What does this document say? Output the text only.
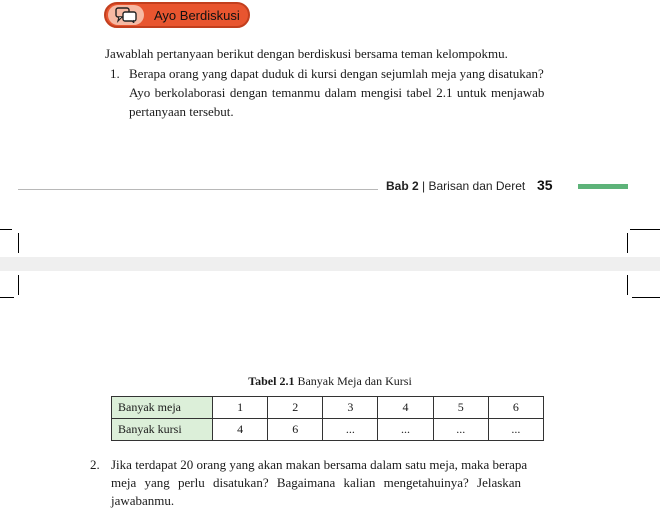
Ayo Berdiskusi
Jawablah pertanyaan berikut dengan berdiskusi bersama teman kelompokmu.
1. Berapa orang yang dapat duduk di kursi dengan sejumlah meja yang disatukan?
Ayo berkolaborasi dengan temanmu dalam mengisi tabel 2.1 untuk menjawab
pertanyaan tersebut.
Bab 2 | Barisan dan Deret 35
Tabel 2.1 Banyak Meja dan Kursi
Banyak meja	1	2	3	4	5	6
Banyak kursi	4	6	...	...	...	...
2. Jika terdapat 20 orang yang akan makan bersama dalam satu meja, maka berapa
meja yang perlu disatukan? Bagaimana kalian mengetahuinya? Jelaskan
jawabanmu.
